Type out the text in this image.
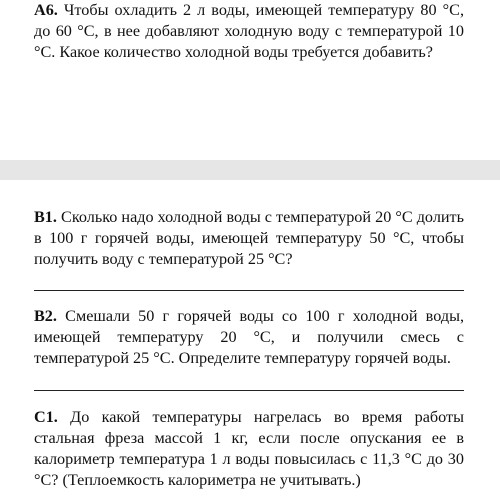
А6. Чтобы охладить 2 л воды, имеющей температуру 80 °С, до 60 °С, в нее добавляют холодную воду с температурой 10 °С. Какое количество холодной воды требуется добавить?

В1. Сколько надо холодной воды с температурой 20 °С долить в 100 г горячей воды, имеющей температуру 50 °С, чтобы получить воду с температурой 25 °С?

В2. Смешали 50 г горячей воды со 100 г холодной воды, имеющей температуру 20 °С, и получили смесь с температурой 25 °С. Определите температуру горячей воды.

С1. До какой температуры нагрелась во время работы стальная фреза массой 1 кг, если после опускания ее в калориметр температура 1 л воды повысилась с 11,3 °С до 30 °С? (Теплоемкость калориметра не учитывать.)
